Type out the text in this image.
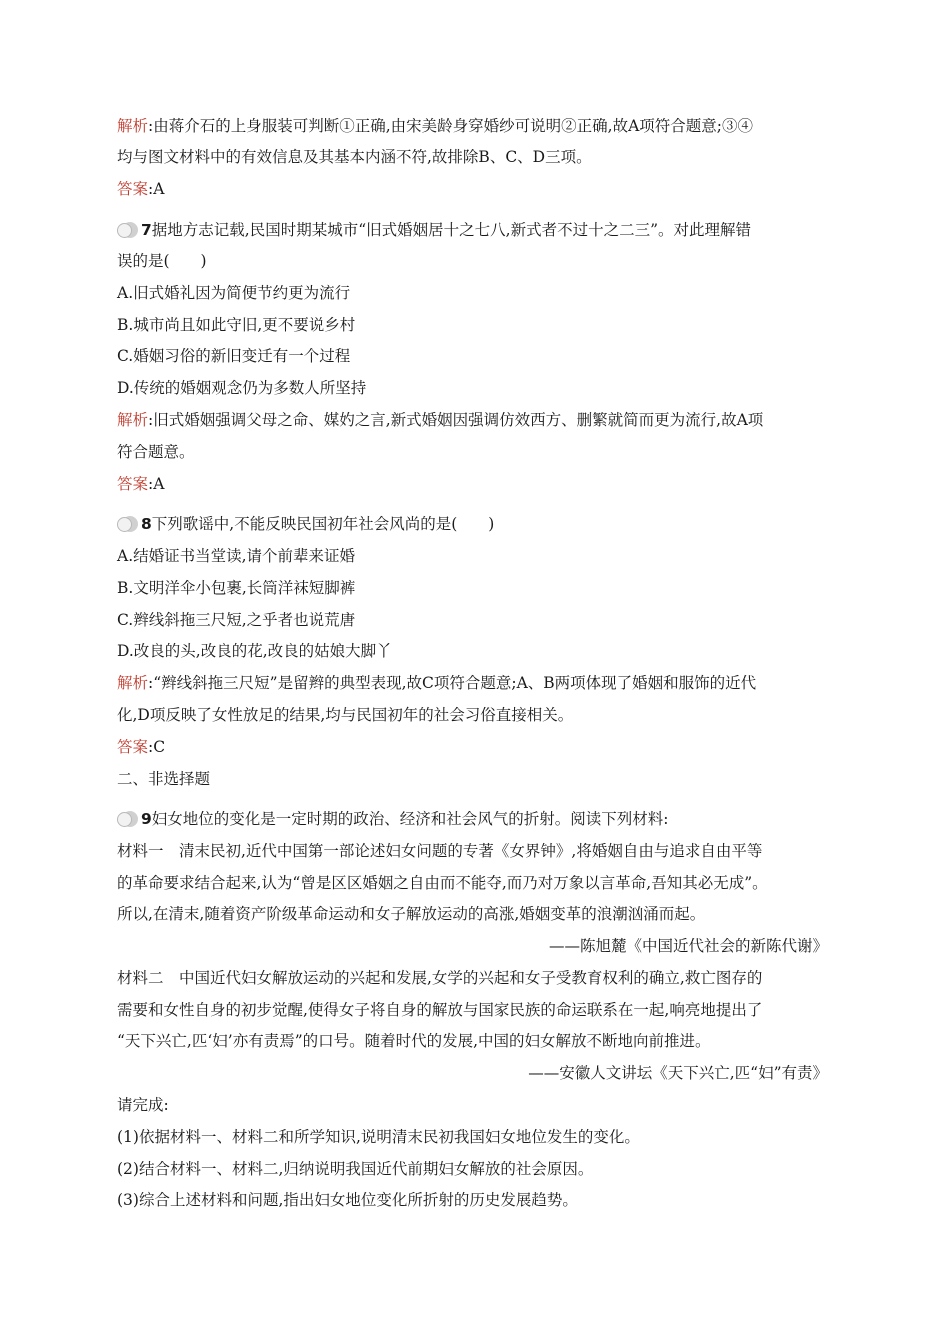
解析:由蒋介石的上身服装可判断①正确,由宋美龄身穿婚纱可说明②正确,故A项符合题意;③④
均与图文材料中的有效信息及其基本内涵不符,故排除B、C、D三项。
答案:A
7据地方志记载,民国时期某城市“旧式婚姻居十之七八,新式者不过十之二三”。对此理解错
误的是(　　)
A.旧式婚礼因为简便节约更为流行
B.城市尚且如此守旧,更不要说乡村
C.婚姻习俗的新旧变迁有一个过程
D.传统的婚姻观念仍为多数人所坚持
解析:旧式婚姻强调父母之命、媒妁之言,新式婚姻因强调仿效西方、删繁就简而更为流行,故A项
符合题意。
答案:A
8下列歌谣中,不能反映民国初年社会风尚的是(　　)
A.结婚证书当堂读,请个前辈来证婚
B.文明洋伞小包裹,长筒洋袜短脚裤
C.辫线斜拖三尺短,之乎者也说荒唐
D.改良的头,改良的花,改良的姑娘大脚丫
解析:“辫线斜拖三尺短”是留辫的典型表现,故C项符合题意;A、B两项体现了婚姻和服饰的近代
化,D项反映了女性放足的结果,均与民国初年的社会习俗直接相关。
答案:C
二、非选择题
9妇女地位的变化是一定时期的政治、经济和社会风气的折射。阅读下列材料:
材料一　清末民初,近代中国第一部论述妇女问题的专著《女界钟》,将婚姻自由与追求自由平等
的革命要求结合起来,认为“曾是区区婚姻之自由而不能夺,而乃对万象以言革命,吾知其必无成”。
所以,在清末,随着资产阶级革命运动和女子解放运动的高涨,婚姻变革的浪潮汹涌而起。
——陈旭麓《中国近代社会的新陈代谢》
材料二　中国近代妇女解放运动的兴起和发展,女学的兴起和女子受教育权利的确立,救亡图存的
需要和女性自身的初步觉醒,使得女子将自身的解放与国家民族的命运联系在一起,响亮地提出了
“天下兴亡,匹‘妇’亦有责焉”的口号。随着时代的发展,中国的妇女解放不断地向前推进。
——安徽人文讲坛《天下兴亡,匹“妇”有责》
请完成:
(1)依据材料一、材料二和所学知识,说明清末民初我国妇女地位发生的变化。
(2)结合材料一、材料二,归纳说明我国近代前期妇女解放的社会原因。
(3)综合上述材料和问题,指出妇女地位变化所折射的历史发展趋势。
